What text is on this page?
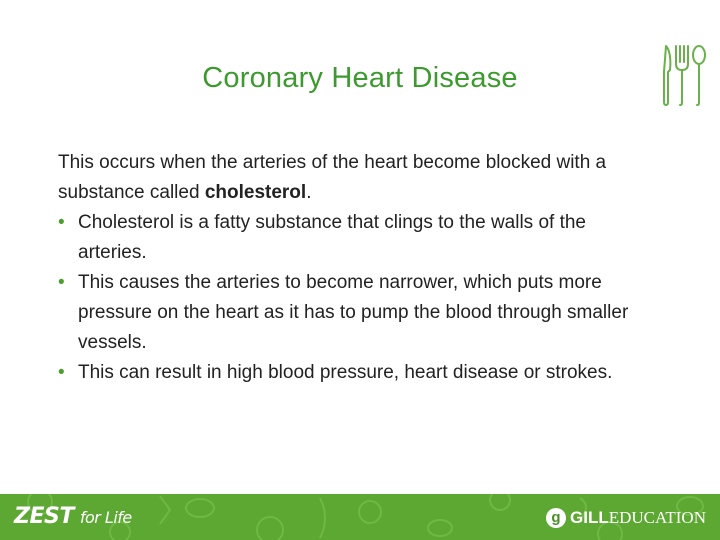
Coronary Heart Disease

This occurs when the arteries of the heart become blocked with a substance called cholesterol.

• Cholesterol is a fatty substance that clings to the walls of the arteries.
• This causes the arteries to become narrower, which puts more pressure on the heart as it has to pump the blood through smaller vessels.
• This can result in high blood pressure, heart disease or strokes.
ZEST for Life	g GILLEDUCATION
